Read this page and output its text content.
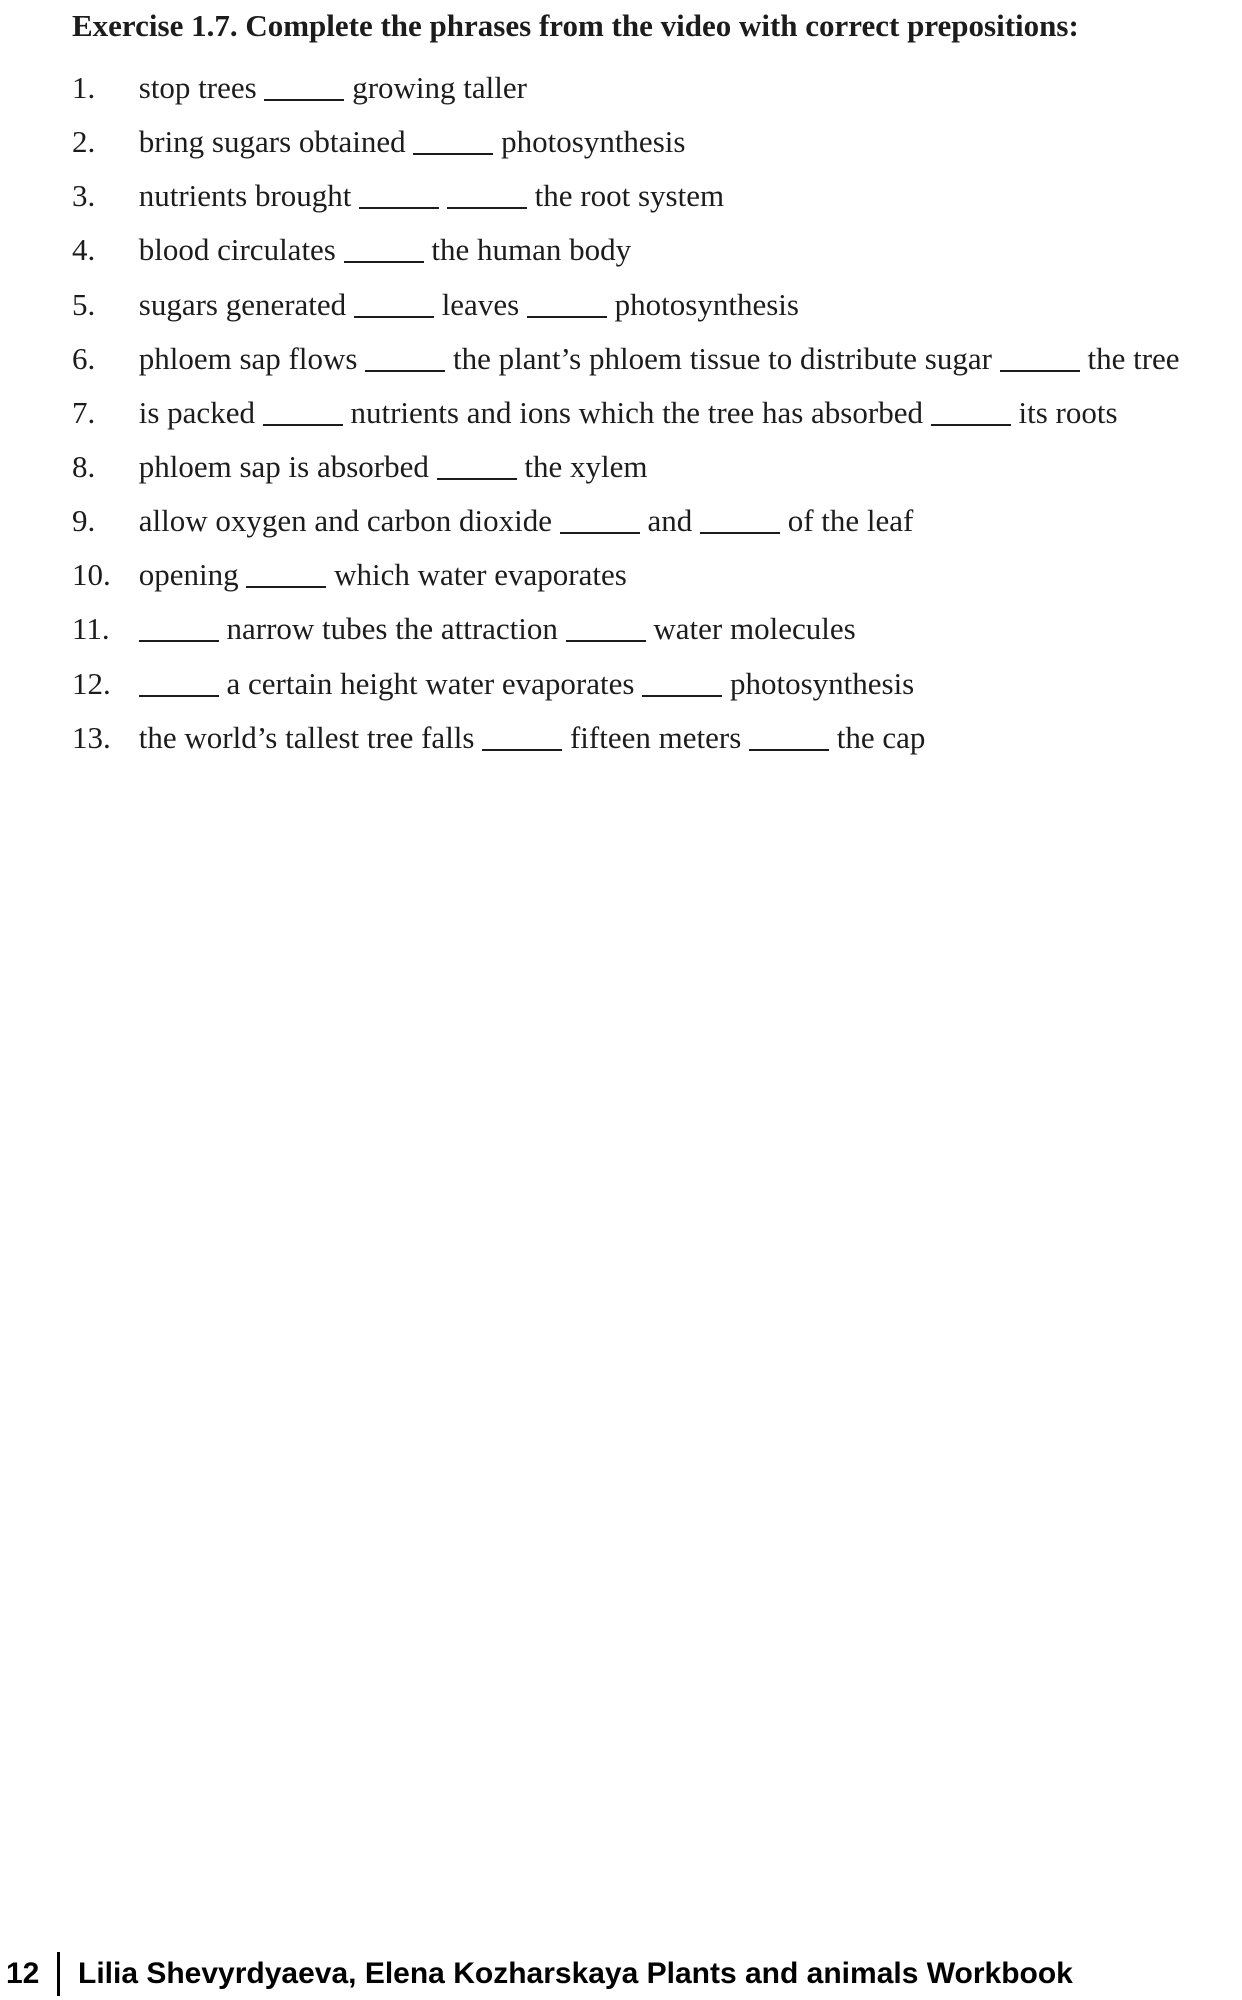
Exercise 1.7. Complete the phrases from the video with correct prepositions:
1. stop trees	growing taller
2. bring sugars obtained	photosynthesis
3. nutrients brought	the root system
4. blood circulates	the human body
5. sugars generated	leaves	photosynthesis
6. phloem sap flows	the plant’s phloem tissue to distribute sugar	the tree
7. is packed	nutrients and ions which the tree has absorbed	its roots
8. phloem sap is absorbed	the xylem
9. allow oxygen and carbon dioxide	and	of the leaf
10. opening	which water evaporates
11.	narrow tubes the attraction	water molecules
12.	a certain height water evaporates	photosynthesis
13. the world’s tallest tree falls	fifteen meters	the cap
12 Lilia Shevyrdyaeva, Elena Kozharskaya Plants and animals Workbook
